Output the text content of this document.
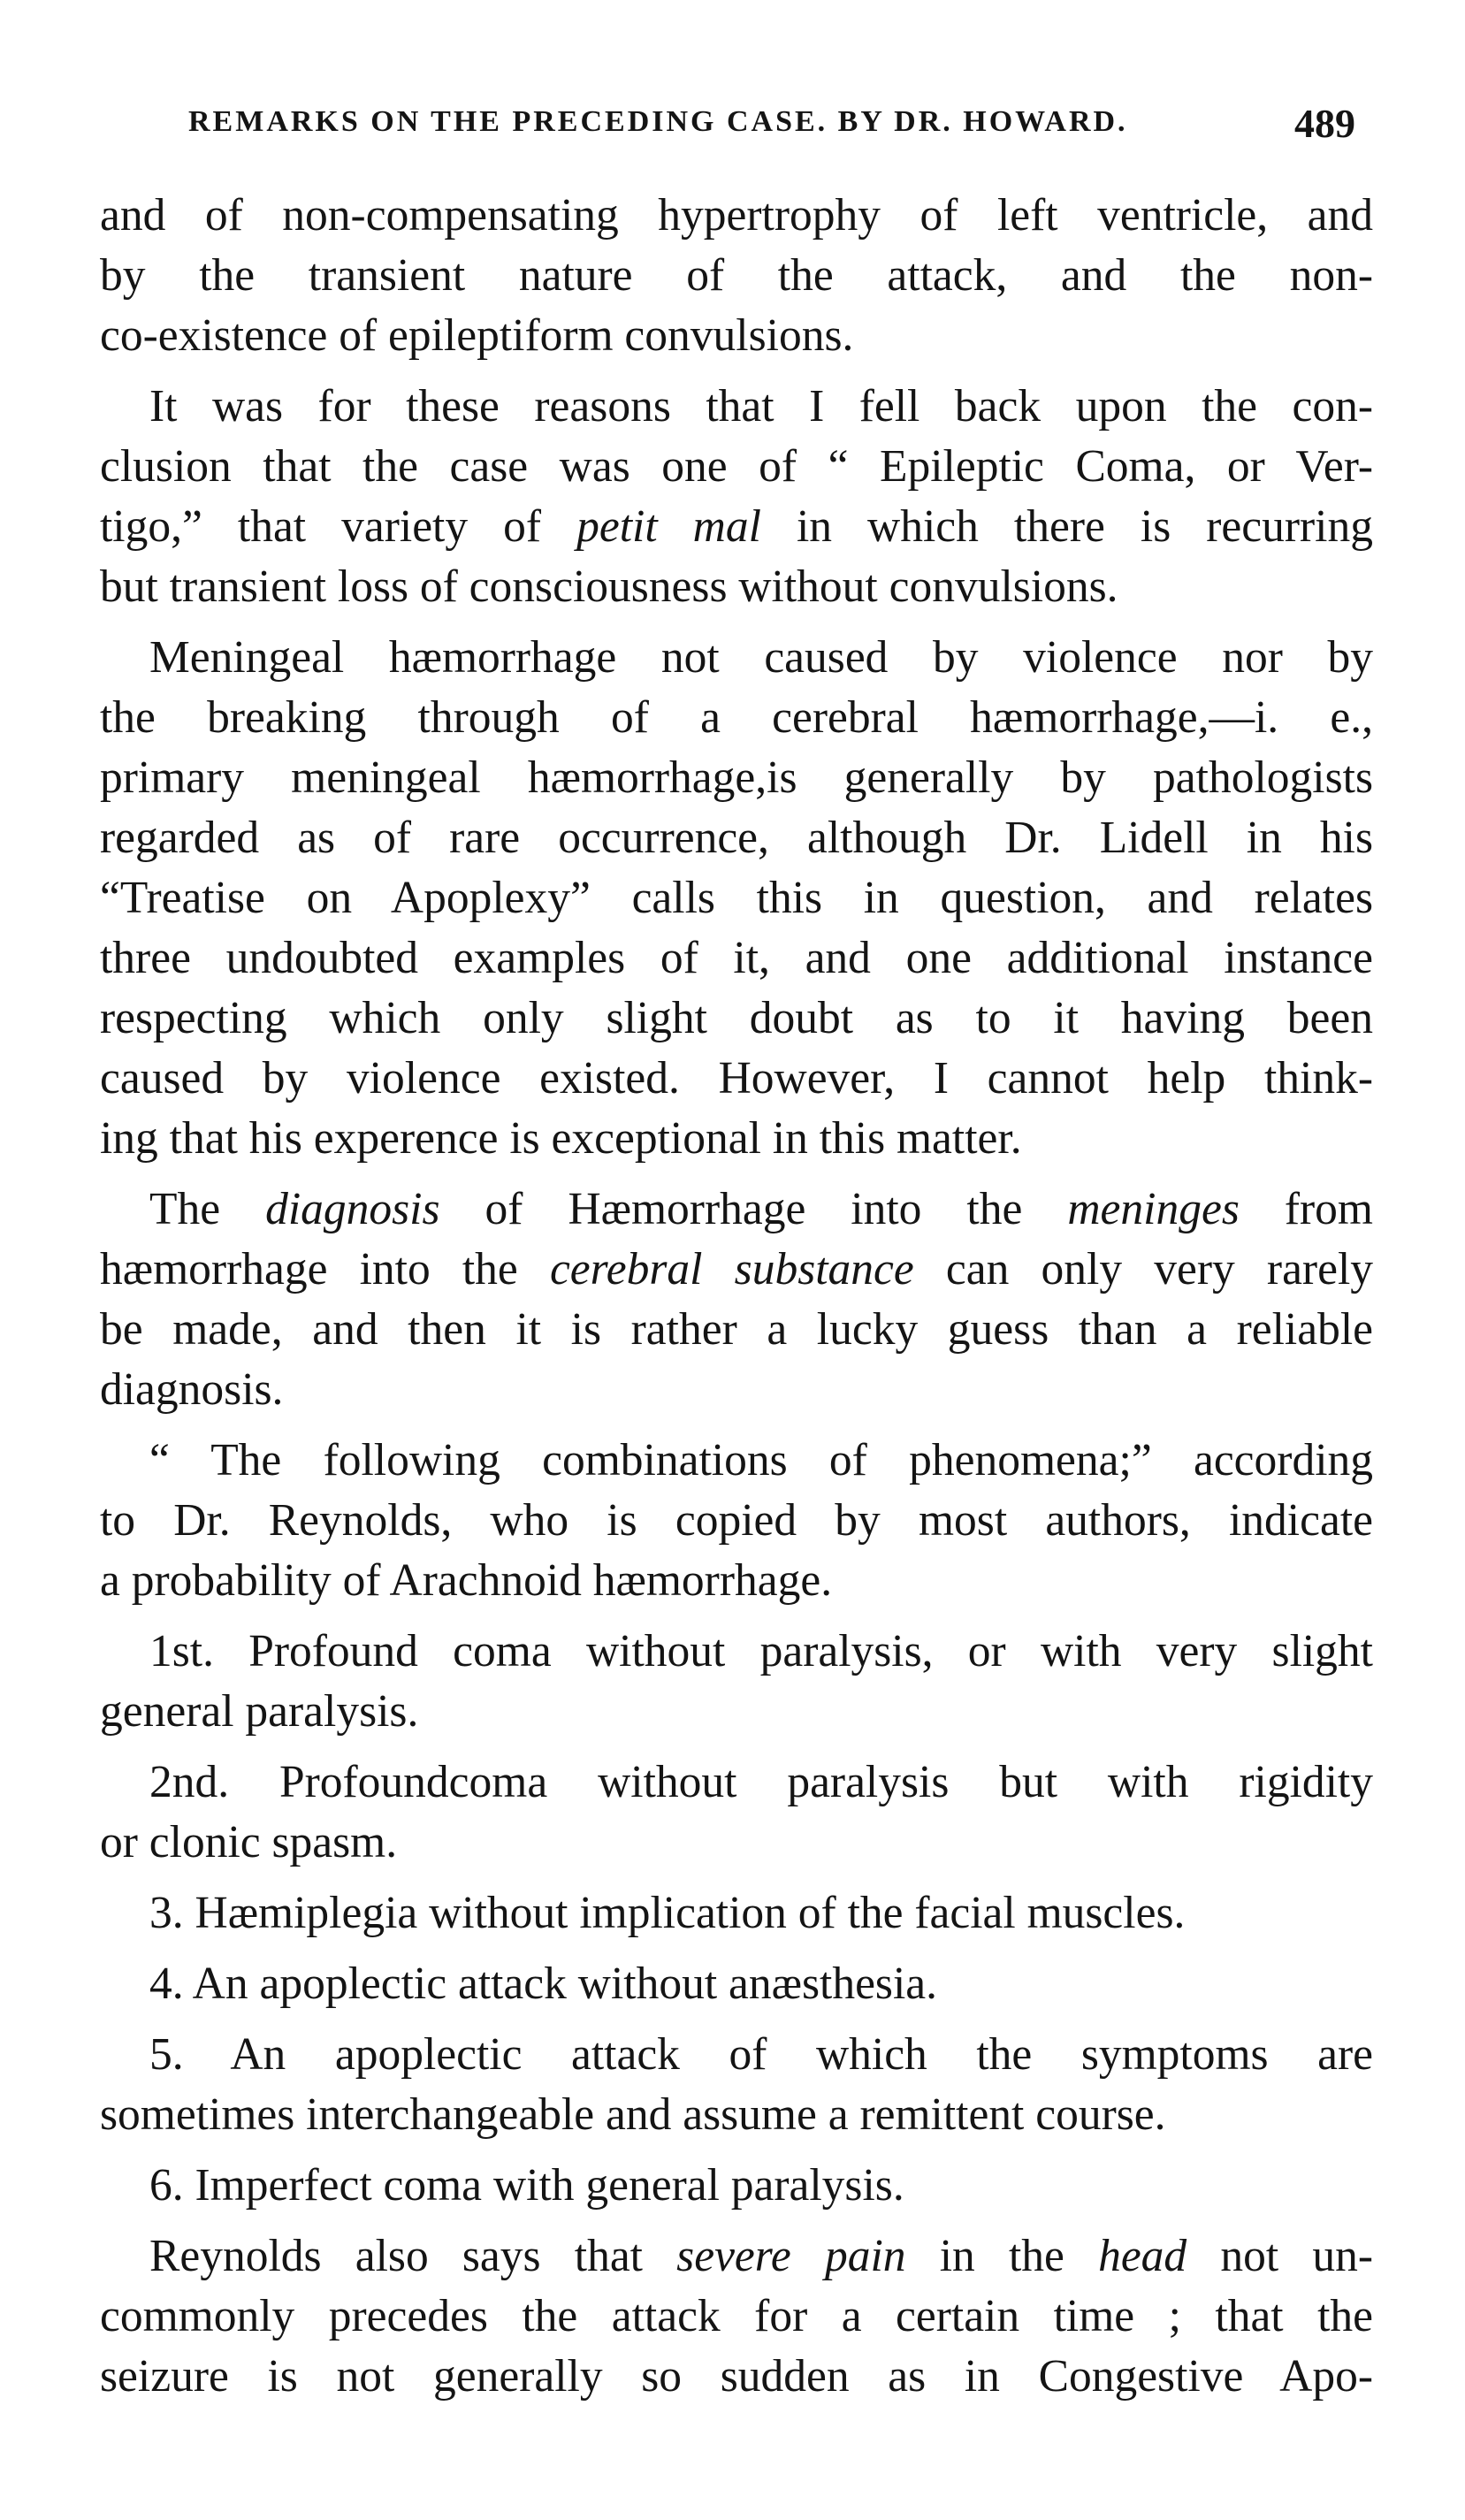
REMARKS ON THE PRECEDING CASE. BY DR. HOWARD.	489

and of non-compensating hypertrophy of left ventricle, and
by the transient nature of the attack, and the non-
co-existence of epileptiform convulsions.

It was for these reasons that I fell back upon the con-
clusion that the case was one of “ Epileptic Coma, or Ver-
tigo,” that variety of petit mal in which there is recurring
but transient loss of consciousness without convulsions.

Meningeal hæmorrhage not caused by violence nor by
the breaking through of a cerebral hæmorrhage,—i. e.,
primary meningeal hæmorrhage,is generally by pathologists
regarded as of rare occurrence, although Dr. Lidell in his
“Treatise on Apoplexy” calls this in question, and relates
three undoubted examples of it, and one additional instance
respecting which only slight doubt as to it having been
caused by violence existed. However, I cannot help think-
ing that his experence is exceptional in this matter.

The diagnosis of Hæmorrhage into the meninges from
hæmorrhage into the cerebral substance can only very rarely
be made, and then it is rather a lucky guess than a reliable
diagnosis.

“ The following combinations of phenomena;” according
to Dr. Reynolds, who is copied by most authors, indicate
a probability of Arachnoid hæmorrhage.

1st. Profound coma without paralysis, or with very slight
general paralysis.

2nd. Profoundcoma without paralysis but with rigidity
or clonic spasm.

3. Hæmiplegia without implication of the facial muscles.

4. An apoplectic attack without anæsthesia.

5. An apoplectic attack of which the symptoms are
sometimes interchangeable and assume a remittent course.

6. Imperfect coma with general paralysis.

Reynolds also says that severe pain in the head not un-
commonly precedes the attack for a certain time ; that the
seizure is not generally so sudden as in Congestive Apo-
